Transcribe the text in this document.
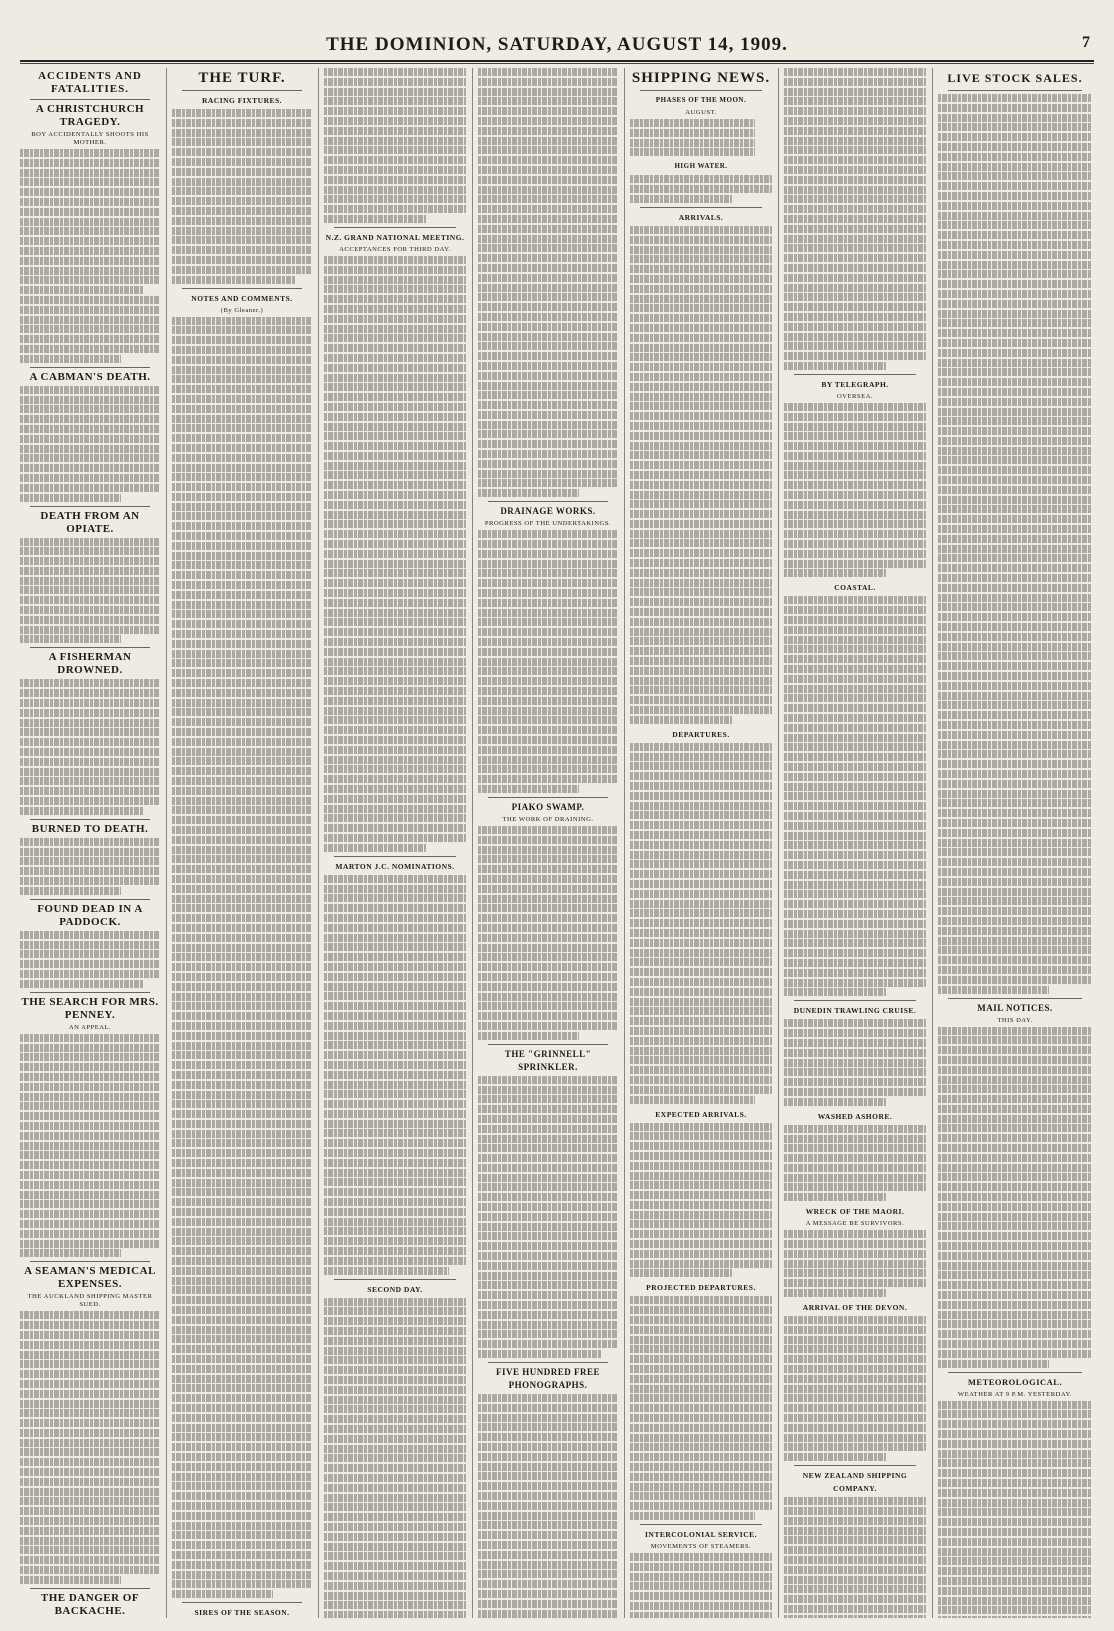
THE DOMINION, SATURDAY, AUGUST 14, 1909.	7
ACCIDENTS AND FATALITIES.
A CHRISTCHURCH TRAGEDY.
BOY ACCIDENTALLY SHOOTS HIS MOTHER.
A CABMAN'S DEATH.
DEATH FROM AN OPIATE.
A FISHERMAN DROWNED.
BURNED TO DEATH.
FOUND DEAD IN A PADDOCK.
THE SEARCH FOR MRS. PENNEY.
AN APPEAL.
A SEAMAN'S MEDICAL EXPENSES.
THE AUCKLAND SHIPPING MASTER SUED.
THE DANGER OF BACKACHE.
THE TURF.
RACING FIXTURES.
NOTES AND COMMENTS.
(By Gleaner.)
SIRES OF THE SEASON.
N.Z. GRAND NATIONAL MEETING.
ACCEPTANCES FOR THIRD DAY.
MARTON J.C. NOMINATIONS.
SECOND DAY.
DRAINAGE WORKS.
PROGRESS OF THE UNDERTAKINGS.
PIAKO SWAMP.
THE WORK OF DRAINING.
THE "GRINNELL" SPRINKLER.
FIVE HUNDRED FREE PHONOGRAPHS.
SHIPPING NEWS.
PHASES OF THE MOON.
AUGUST.
HIGH WATER.
ARRIVALS.
DEPARTURES.
EXPECTED ARRIVALS.
PROJECTED DEPARTURES.
INTERCOLONIAL SERVICE.
MOVEMENTS OF STEAMERS.
BY TELEGRAPH.
OVERSEA.
COASTAL.
DUNEDIN TRAWLING CRUISE.
WASHED ASHORE.
WRECK OF THE MAORI.
A MESSAGE BE SURVIVORS.
ARRIVAL OF THE DEVON.
NEW ZEALAND SHIPPING COMPANY.
LIVE STOCK SALES.
MAIL NOTICES.
THIS DAY.
METEOROLOGICAL.
WEATHER AT 9 P.M. YESTERDAY.
